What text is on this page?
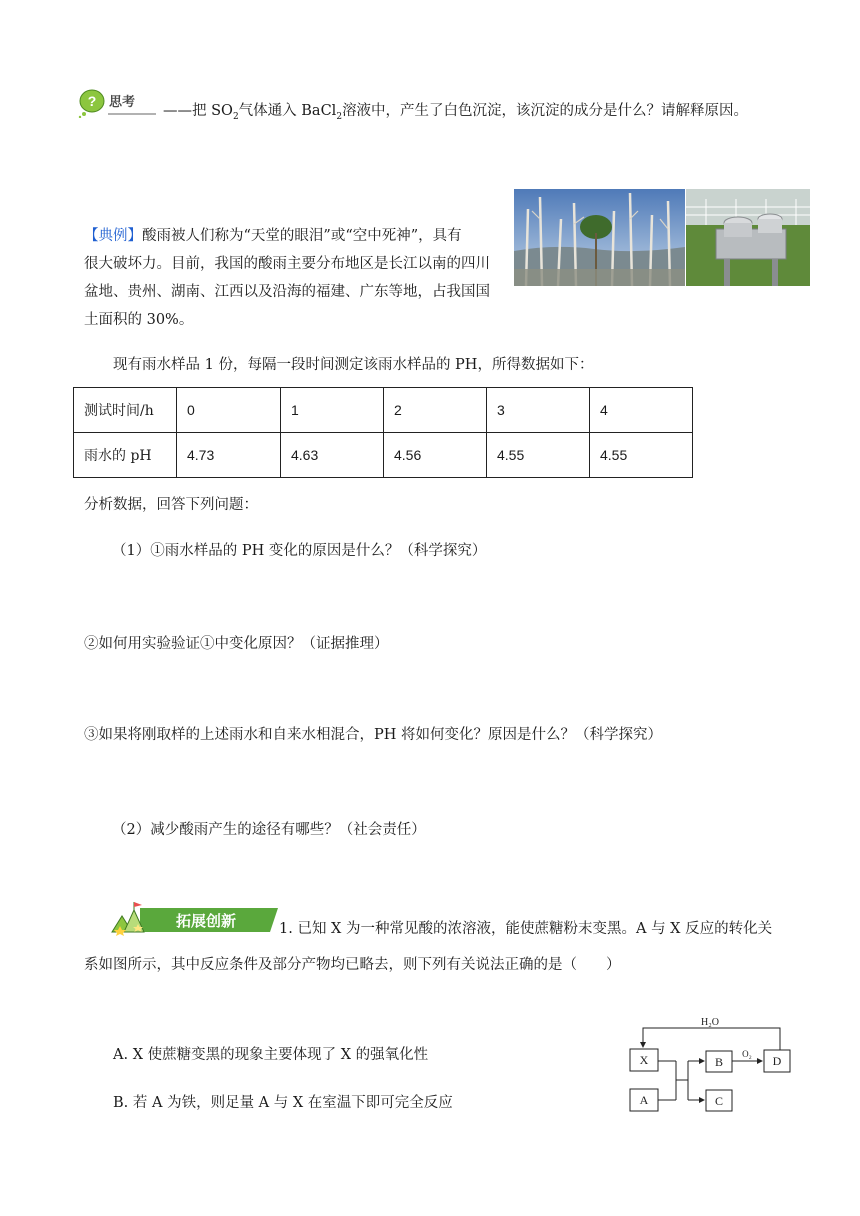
? 思考
——把 $SO_2$气体通入 BaCl$_2$溶液中，产生了白色沉淀，该沉淀的成分是什么？请解释原因。
【典例】酸雨被人们称为“天堂的眼泪”或“空中死神”，具有
很大破坏力。目前，我国的酸雨主要分布地区是长江以南的四川
盆地、贵州、湖南、江西以及沿海的福建、广东等地，占我国国
土面积的 30%。
现有雨水样品 1 份，每隔一段时间测定该雨水样品的 PH，所得数据如下：
测试时间/h	0	1	2	3	4
雨水的 pH	4.73	4.63	4.56	4.55	4.55
分析数据，回答下列问题：
（1）①雨水样品的 PH 变化的原因是什么？（科学探究）
②如何用实验验证①中变化原因？（证据推理）
③如果将刚取样的上述雨水和自来水相混合，PH 将如何变化？原因是什么？（科学探究）
（2）减少酸雨产生的途径有哪些？（社会责任）
拓展创新	1. 已知 X 为一种常见酸的浓溶液，能使蔗糖粉末变黑。A 与 X 反应的转化关
系如图所示，其中反应条件及部分产物均已略去，则下列有关说法正确的是（　　）
A. X 使蔗糖变黑的现象主要体现了 X 的强氧化性
B. 若 A 为铁，则足量 A 与 X 在室温下即可完全反应
X
A
B
C
D
H₂O
O₂
